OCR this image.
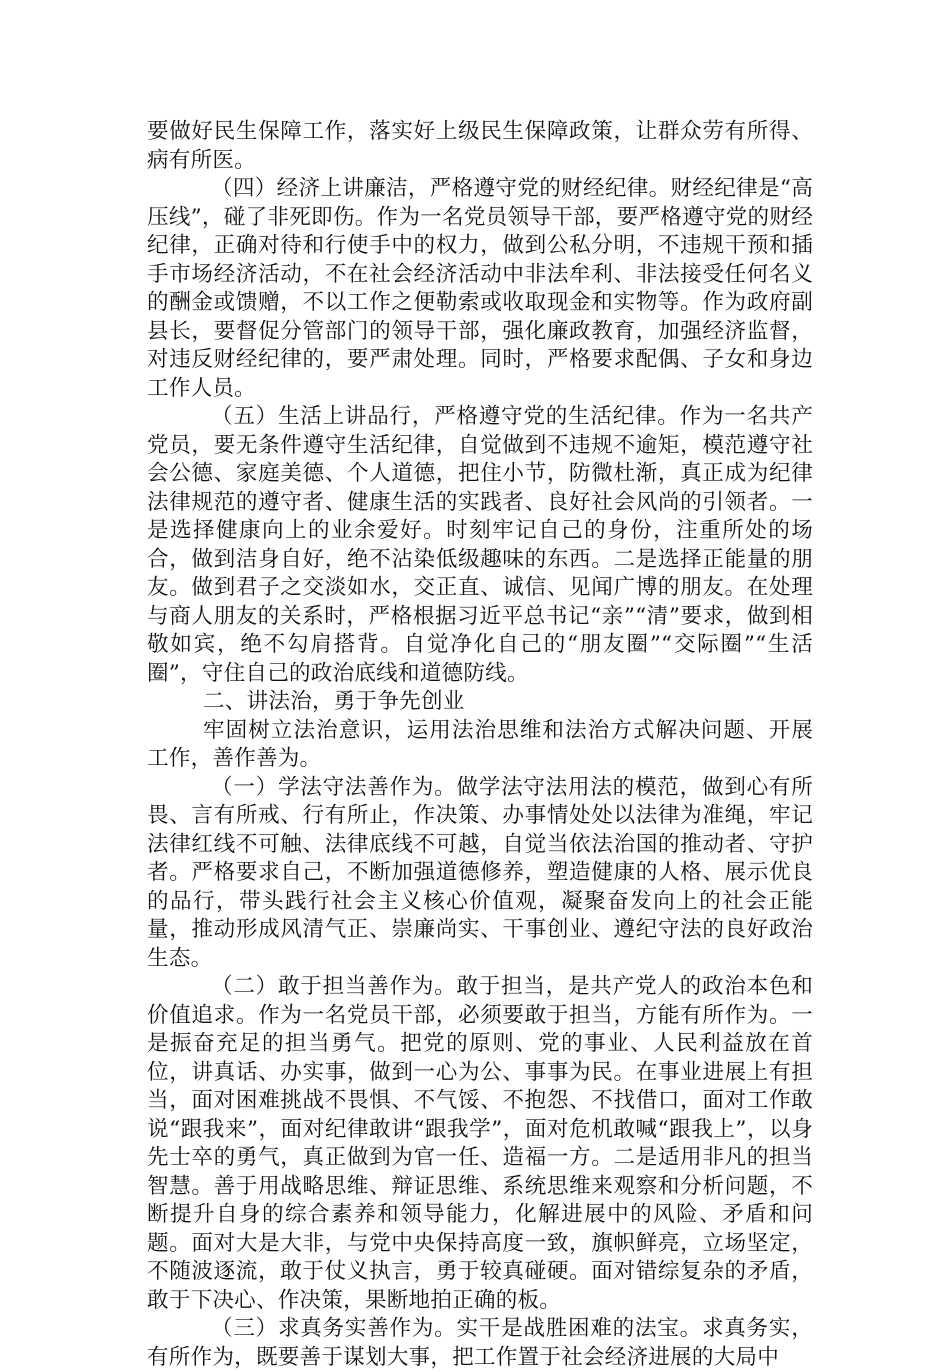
要做好民生保障工作，落实好上级民生保障政策，让群众劳有所得、病有所医。

（四）经济上讲廉洁，严格遵守党的财经纪律。财经纪律是“高压线”，碰了非死即伤。作为一名党员领导干部，要严格遵守党的财经纪律，正确对待和行使手中的权力，做到公私分明，不违规干预和插手市场经济活动，不在社会经济活动中非法牟利、非法接受任何名义的酬金或馈赠，不以工作之便勒索或收取现金和实物等。作为政府副县长，要督促分管部门的领导干部，强化廉政教育，加强经济监督，对违反财经纪律的，要严肃处理。同时，严格要求配偶、子女和身边工作人员。

（五）生活上讲品行，严格遵守党的生活纪律。作为一名共产党员，要无条件遵守生活纪律，自觉做到不违规不逾矩，模范遵守社会公德、家庭美德、个人道德，把住小节，防微杜渐，真正成为纪律法律规范的遵守者、健康生活的实践者、良好社会风尚的引领者。一是选择健康向上的业余爱好。时刻牢记自己的身份，注重所处的场合，做到洁身自好，绝不沾染低级趣味的东西。二是选择正能量的朋友。做到君子之交淡如水，交正直、诚信、见闻广博的朋友。在处理与商人朋友的关系时，严格根据习近平总书记“亲”“清”要求，做到相敬如宾，绝不勾肩搭背。自觉净化自己的“朋友圈”“交际圈”“生活圈”，守住自己的政治底线和道德防线。

二、讲法治，勇于争先创业

牢固树立法治意识，运用法治思维和法治方式解决问题、开展工作，善作善为。

（一）学法守法善作为。做学法守法用法的模范，做到心有所畏、言有所戒、行有所止，作决策、办事情处处以法律为准绳，牢记法律红线不可触、法律底线不可越，自觉当依法治国的推动者、守护者。严格要求自己，不断加强道德修养，塑造健康的人格、展示优良的品行，带头践行社会主义核心价值观，凝聚奋发向上的社会正能量，推动形成风清气正、崇廉尚实、干事创业、遵纪守法的良好政治生态。

（二）敢于担当善作为。敢于担当，是共产党人的政治本色和价值追求。作为一名党员干部，必须要敢于担当，方能有所作为。一是振奋充足的担当勇气。把党的原则、党的事业、人民利益放在首位，讲真话、办实事，做到一心为公、事事为民。在事业进展上有担当，面对困难挑战不畏惧、不气馁、不抱怨、不找借口，面对工作敢说“跟我来”，面对纪律敢讲“跟我学”，面对危机敢喊“跟我上”，以身先士卒的勇气，真正做到为官一任、造福一方。二是适用非凡的担当智慧。善于用战略思维、辩证思维、系统思维来观察和分析问题，不断提升自身的综合素养和领导能力，化解进展中的风险、矛盾和问题。面对大是大非，与党中央保持高度一致，旗帜鲜亮，立场坚定，不随波逐流，敢于仗义执言，勇于较真碰硬。面对错综复杂的矛盾，敢于下决心、作决策，果断地拍正确的板。

（三）求真务实善作为。实干是战胜困难的法宝。求真务实，有所作为，既要善于谋划大事，把工作置于社会经济进展的大局中
